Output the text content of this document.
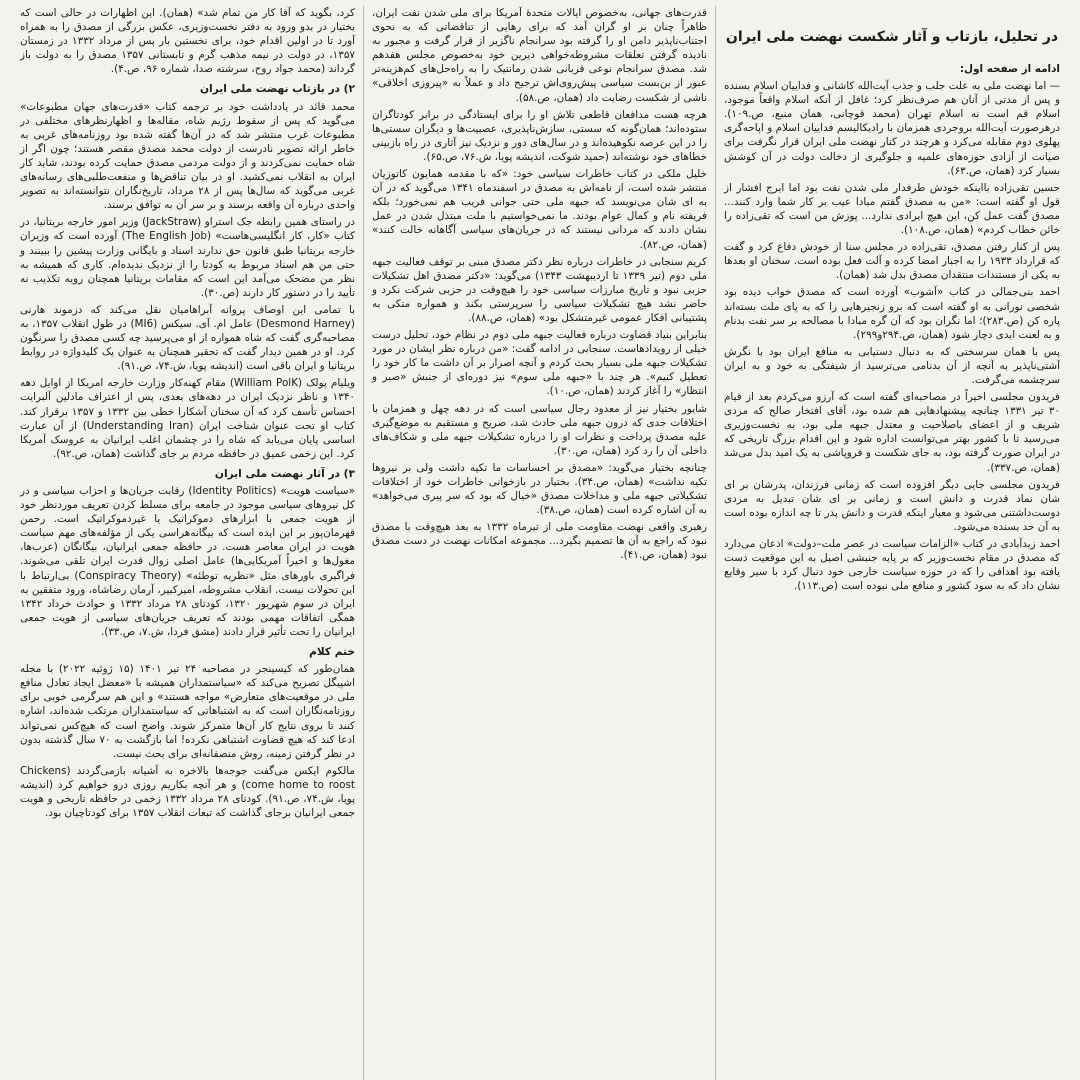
کرد، بگوید که آقا کار من تمام شد» (همان). این اظهارات در حالی است که بختیار در بدو ورود به دفتر نخست‌وزیری، عکس بزرگی از مصدق را به همراه آورد تا در اولین اقدام خود، برای نخستین بار پس از مرداد ۱۳۳۲ در زمستان ۱۳۵۷، در دولت در نیمه مذهب گرم و تابستانی ۱۳۵۷ مصدق را به دولت باز گرداند (محمد جواد روح، سرشته صدا، شماره ۹۶، ص.۴).

۲) در بازتاب نهضت ملی ایران

محمد قائد در یادداشت خود بر ترجمه کتاب «قدرت‌های جهان مطبوعات» می‌گوید که پس از سقوط رژیم شاه، مقاله‌ها و اظهارنظرهای مختلفی در مطبوعات غرب منتشر شد که در آن‌ها گفته شده بود روزنامه‌های غربی به خاطر ارائه تصویر نادرست از دولت محمد مصدق مقصر هستند؛ چون اگر از شاه حمایت نمی‌کردند و از دولت مردمی مصدق حمایت کرده بودند، شاید کار ایران به انقلاب نمی‌کشید. او در بیان تناقض‌ها و منفعت‌طلبی‌های رسانه‌های غربی می‌گوید که سال‌ها پس از ۲۸ مرداد، تاریخ‌نگاران نتوانسته‌اند به تصویر واحدی درباره آن واقعه برسند و بر سر آن به توافق برسند.

در راستای همین رابطه جک استراو (JackStraw) وزیر امور خارجه بریتانیا، در کتاب «کار، کار انگلیسی‌هاست» (The English Job) آورده است که وزیران خارجه بریتانیا طبق قانون حق ندارند اسناد و بایگانی وزارت پیشین را ببینند و حتی من هم اسناد مربوط به کودتا را از نزدیک ندیده‌ام. کاری که همیشه به نظر من مضحک می‌آمد این است که مقامات بریتانیا همچنان رویه تکذیب نه تأیید را در دستور کار دارند (ص.۳۰).

با تمامی این اوصاف پروانه آبراهامیان نقل می‌کند که دزموند هارنی (Desmond Harney) عامل ام. آی. سیکس (MI6) در طول انقلاب ۱۳۵۷، به مصاحبه‌گری گفت که شاه همواره از او می‌پرسید چه کسی مصدق را سرنگون کرد. او در همین دیدار گفت که تحقیر همچنان به عنوان یک کلیدواژه در روابط بریتانیا و ایران باقی است (اندیشه پویا، ش.۷۴، ص.۹۱).

ویلیام پولک (William PolK) مقام کهنه‌کار وزارت خارجه امریکا از اوایل دهه ۱۳۴۰ و ناظر نزدیک ایران در دهه‌های بعدی، پس از اعتراف مادلین آلبرایت احساس تأسف کرد که آن سخنان آشکارا خطی بین ۱۳۳۲ و ۱۳۵۷ برقرار کند. کتاب او تحت عنوان شناخت ایران (Understanding Iran) از آن عبارت اساسی پایان می‌یابد که شاه را در چشمان اغلب ایرانیان به عروسک آمریکا کرد. این زخمی عمیق در حافظه مردم بر جای گذاشت (همان، ص.۹۲).

۳) در آثار نهضت ملی ایران

«سیاست هویت» (Identity Politics) رقابت جریان‌ها و احزاب سیاسی و در کل نیروهای سیاسی موجود در جامعه برای مسلط کردن تعریف موردنظر خود از هویت جمعی با ابزارهای دموکراتیک یا غیردموکراتیک است. رحمن قهرمان‌پور بر این ایده است که بیگانه‌هراسی یکی از مؤلفه‌های مهم سیاست هویت در ایران معاصر هست. در حافظه جمعی ایرانیان، بیگانگان (عرب‌ها، مغول‌ها و اخیراً آمریکایی‌ها) عامل اصلی زوال قدرت ایران تلقی می‌شوند. فراگیری باورهای مثل «نظریه توطئه» (Conspiracy Theory) بی‌ارتباط با این تحولات نیست. انقلاب مشروطه، امیرکبیر، آرمان رضاشاه، ورود متفقین به ایران در سوم شهریور ۱۳۲۰، کودتای ۲۸ مرداد ۱۳۳۲ و حوادث خرداد ۱۳۴۲ همگی اتفاقات مهمی بودند که تعریف جریان‌های سیاسی از هویت جمعی ایرانیان را تحت تأثیر قرار دادند (مشق فردا، ش.۷، ص.۳۳).

ختم کلام

همان‌طور که کیسینجر در مصاحبه ۲۴ تیر ۱۴۰۱ (۱۵ ژوئیه ۲۰۲۲) با مجله اشپیگل تصریح می‌کند که «سیاستمداران همیشه با «معضل ایجاد تعادل منافع ملی در موقعیت‌های متعارض» مواجه هستند» و این هم سرگرمی خوبی برای روزنامه‌نگاران است که به اشتباهاتی که سیاستمداران مرتکب شده‌اند، اشاره کنند تا بروی نتایج کار آن‌ها متمرکز شوند. واضح است که هیچ‌کس نمی‌تواند ادعا کند که هیچ قضاوت اشتباهی نکرده! اما بازگشت به ۷۰ سال گذشته بدون در نظر گرفتن زمینه، روش منصفانه‌ای برای بحث نیست.

مالکوم ایکس می‌گفت جوجه‌ها بالاخره به آشیانه بازمی‌گردند (Chickens come home to roost) و هر آنچه بکاریم روزی درو خواهیم کرد (اندیشه پویا، ش.۷۴، ص.۹۱). کودتای ۲۸ مرداد ۱۳۳۲ زخمی در حافظه تاریخی و هویت جمعی ایرانیان برجای گذاشت که تبعات انقلاب ۱۳۵۷ برای کودتاچیان بود.

قدرت‌های جهانی، به‌خصوص ایالات متحدهٔ آمریکا برای ملی شدن نفت ایران، ظاهراً چنان بر او گران آمد که برای رهایی از تناقضاتی که به نحوی اجتناب‌ناپذیر دامن او را گرفته بود سرانجام ناگزیر از قرار گرفت و مجبور به نادیده گرفتن تعلقات مشروطه‌خواهی دیرین خود به‌خصوص مجلس هفدهم شد. مصدق سرانجام نوعی قربانی شدن رمانتیک را به راه‌حل‌های کم‌هزینه‌تر عبور از بن‌بست سیاسی پیش‌روی‌اش ترجیح داد و عملاً به «پیروزی اخلاقی» ناشی از شکست رضایت داد (همان، ص.۵۸).

هرچه هست مدافعان قاطعی تلاش او را برای ایستادگی در برابر کودتاگران ستوده‌اند؛ همان‌گونه که سستی، سازش‌ناپذیری، عصبیت‌ها و دیگران سستی‌ها را در این عرصه نکوهیده‌اند و در سال‌های دور و نزدیک نیز آثاری در راه بازبینی خطاهای خود نوشته‌اند (حمید شوکت، اندیشه پویا، ش.۷۶، ص.۶۵).

خلیل ملکی در کتاب خاطرات سیاسی خود: «که با مقدمه همایون کاتوزیان منتشر شده است، از نامه‌اش به مصدق در اسفندماه ۱۳۴۱ می‌گوید که در آن به ای شان می‌نویسد که جبهه ملی حتی جوانی فریب هم نمی‌خورد؛ بلکه فریفته نام و کمال عوام بودند. ما نمی‌خواستیم با ملت مبتذل شدن در عمل نشان دادند که مردانی نیستند که در جریان‌های سیاسی آگاهانه خالت کنند» (همان، ص.۸۲).

کریم سنجابی در خاطرات درباره نظر دکتر مصدق مبنی بر توقف فعالیت جبهه ملی دوم (تیر ۱۳۳۹ تا اردیبهشت ۱۳۴۳) می‌گوید: «دکتر مصدق اهل تشکیلات حزبی نبود و تاریخ مبارزات سیاسی خود را هیچ‌وقت در حزبی شرکت نکرد و حاضر نشد هیچ تشکیلات سیاسی را سرپرستی بکند و همواره متکی به پشتیبانی افکار عمومی غیرمتشکل بود» (همان، ص.۸۸).

بنابراین بنیاد قضاوت درباره فعالیت جبهه ملی دوم در نظام خود، تحلیل درست خیلی از رویدادهاست. سنجابی در ادامه گفت: «من درباره نظر ایشان در مورد تشکیلات جبهه ملی بسیار بحث کردم و آنچه اصرار بر آن داشت ما کار خود را تعطیل کنیم». هر چند با «جبهه ملی سوم» نیز دوره‌ای از جنبش «صبر و انتظار» را آغاز کردند (همان، ص.۱۰).

شایور بختیار نیز از معدود رجال سیاسی است که در دهه چهل و همزمان با اختلافات جدی که درون جبهه ملی حادث شد، صریح و مستقیم به موضع‌گیری علیه مصدق پرداخت و نظرات او را درباره تشکیلات جبهه ملی و شکاف‌های داخلی آن را رد کرد (همان، ص.۳۰).

چنانچه بختیار می‌گوید: «مصدق بر احساسات ما تکیه داشت ولی بر نیروها تکیه نداشت» (همان، ص.۳۴). بختیار در بازخوانی خاطرات خود از اختلافات تشکیلاتی جبهه ملی و مداخلات مصدق «خیال که بود که سر پیری می‌خواهد» به آن اشاره کرده است (همان، ص.۳۸).

رهبری واقعی نهضت مقاومت ملی از تیرماه ۱۳۳۲ به بعد هیچ‌وقت با مصدق نبود که راجع به آن ها تصمیم بگیرد... مجموعه امکانات نهضت در دست مصدق نبود (همان، ص.۴۱).

در تحلیل، بازتاب و آثار شکست نهضت ملی ایران

ادامه از صفحه اول:

— اما نهضت ملی به علت جلب و جذب آیت‌الله کاشانی و فداییان اسلام بسنده و پس از مدتی از آنان هم صرف‌نظر کرد؛ غافل از آنکه اسلام واقعاً موجود، اسلام قم است نه اسلام تهران (محمد قوچانی، همان منبع، ص.۱۰۹). درهرصورت آیت‌الله بروجردی همزمان با رادیکالیسم فداییان اسلام و اپاحه‌گری پهلوی دوم مقابله می‌کرد و هرچند در کنار نهضت ملی ایران قرار نگرفت برای صیانت از آزادی حوزه‌های علمیه و جلوگیری از دخالت دولت در آن کوشش بسیار کرد (همان، ص.۶۳).

حسین تقی‌زاده بااینکه خودش طرفدار ملی شدن نفت بود اما ایرج افشار از قول او گفته است: «من به مصدق گفتم مبادا عیب بر کار شما وارد کنند... مصدق گفت عمل کن، این هیچ ایرادی ندارد... پوزش من است که تقی‌زاده را خائن خطاب کردم» (همان، ص.۱۰۸).

پس از کنار رفتن مصدق، تقی‌زاده در مجلس سنا از خودش دفاع کرد و گفت که قرارداد ۱۹۳۳ را به اجبار امضا کرده و آلت فعل بوده است. سخنان او بعدها به یکی از مستندات منتقدان مصدق بدل شد (همان).

احمد بنی‌جمالی در کتاب «آشوب» آورده است که مصدق خواب دیده بود شخصی نورانی به او گفته است که برو زنجیرهایی را که به پای ملت بسته‌اند پاره کن (ص.۲۸۳)؛ اما نگران بود که آن گره مبادا با مصالحه بر سر نفت بدنام و به لعنت ابدی دچار شود (همان، ص.۲۹۴و۲۹۹).

پس با همان سرسختی که به دنبال دستیابی به منافع ایران بود با نگرش آشتی‌ناپذیر به آنچه از آن بدنامی می‌ترسید از شیفتگی به خود و به ایران سرچشمه می‌گرفت.

فریدون مجلسی اخیراً در مصاحبه‌ای گفته است که آرزو می‌کردم بعد از قیام ۳۰ تیر ۱۳۳۱ چنانچه پیشنهادهایی هم شده بود، آقای افتخار صالح که مردی شریف و از اعضای باصلاحیت و معتدل جبهه ملی بود، به نخست‌وزیری می‌رسید تا با کشور بهتر می‌توانست اداره شود و این اقدام بزرگ تاریخی که در ایران صورت گرفته بود، به جای شکست و فروپاشی به یک امید بدل می‌شد (همان، ص.۳۳۷).

فریدون مجلسی جایی دیگر افزوده است که زمانی فرزندان، پدرشان بر ای شان نماد قدرت و دانش است و زمانی بر ای شان تبدیل به مردی دوست‌داشتنی می‌شود و معیار اینکه قدرت و دانش پدر تا چه اندازه بوده است به آن حد بسنده می‌شود.

احمد زیدآبادی در کتاب «الزامات سیاست در عصر ملت–دولت» اذعان می‌دارد که مصدق در مقام نخست‌وزیر که بر پایه جنبشی اصیل به این موقعیت دست یافته بود اهدافی را که در حوزه سیاست خارجی خود دنبال کرد با سیر وقایع نشان داد که به سود کشور و منافع ملی نبوده است (ص.۱۱۳).
